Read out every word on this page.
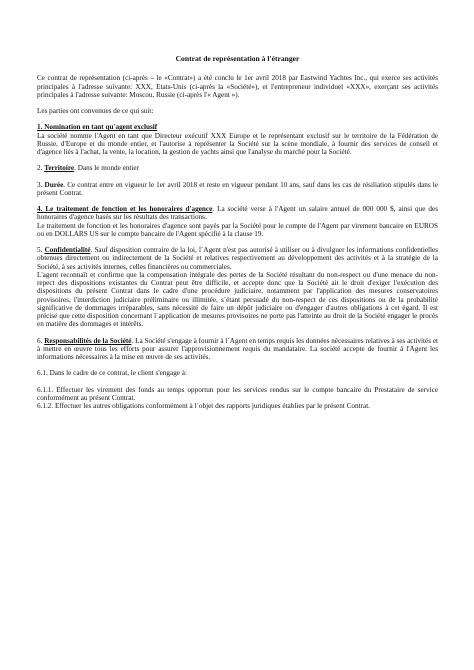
Contrat de représentation à l'étranger

Ce contrat de représentation (ci-après – le «Contrat») a été conclu le 1er avril 2018 par Eastwind Yachtes Inc., qui exerce ses activités principales à l'adresse suivante: XXX, Etats-Unis (ci-après la «Société»), et l'entrepreneur individuel «XXX», exerçant ses activités principales à l'adresse suivante: Moscou, Russie (ci-après l'« Agent »).

Les parties ont convenues de ce qui suit:

1. Nomination en tant qu'agent exclusif

La société nomme l'Agent en tant que Directeur exécutif XXX Europe et le représentant exclusif sur le territoire de la Fédération de Russie, d'Europe et du monde entier, et l'autorise à représenter la Société sur la scène mondiale, à fournir des services de conseil et d'agence liés à l'achat, la vente, la location, la gestion de yachts ainsi que l'analyse du marché pour la Société.

2. Territoire. Dans le monde entier

3. Durée. Ce contrat entre en vigueur le 1er avril 2018 et reste en vigueur pendant 10 ans, sauf dans les cas de résiliation stipulés dans le présent Contrat.

4. Le traitement de fonction et les honoraires d'agence. La société verse à l'Agent un salaire annuel de 000 000 $, ainsi que des honoraires d'agence basés sur les résultats des transactions.

Le traitement de fonction et les honoraires d'agence sont payés par la Société pour le compte de l'Agent par virement bancaire en EUROS ou en DOLLARS US sur le compte bancaire de l'Agent spécifié à la clause 19.

5. Confidentialité. Sauf disposition contraire de la loi, l`Agent n'est pas autorisé à utiliser ou à divulguer les informations confidentielles obtenues directement ou indirectement de la Société et relatives respectivement au développement des activités et à la stratégie de la Société, à ses activités internes, celles financières ou commerciales.

L'agent reconnaît et confirme que la compensation intégrale des pertes de la Société résultant du non-respect ou d'une menace du non-repect des dispositions existantes du Contrat peut être difficile, et accepte donc que la Société ait le droit d'exiger l'exécution des dispositions du présent Contrat dans le cadre d'une procédure judiciaire, notamment par l'application des mesures conservatoires provisoires, l'interdiction judiciaire préliminaire ou illimitée, s`étant persuadé du non-respect de ces dispositions ou de la probabilité significative de dommages irréparables, sans nécessité de faire un dépôt judiciaire ou d'engager d'autres obligations à cet égard. Il est précisé que cette disposition concernant l`application de mesures provisoires ne porte pas l'atteinte au droit de la Société engager le procès en matière des dommages et intérêts.

6. Responsabilités de la Société. La Société s'engage à fournir à l`Agent en temps requis les données nécessaires relatives à ses activités et à mettre en œuvre tous les efforts pour assurer l'approvisionnement requis du mandataire. La société accepte de fournir à l'Agent les informations nécessaires à la mise en œuvre de ses activités.

6.1. Dans le cadre de ce contrat, le client s'engage à:

6.1.1. Effectuer les virement des fonds au temps opportun pour les services rendus sur le compte bancaire du Prestataire de service conformément au présent Contrat.

6.1.2. Effectuer les autres obligations conformément à l`objet des rapports juridiques établies par le présent Contrat.
